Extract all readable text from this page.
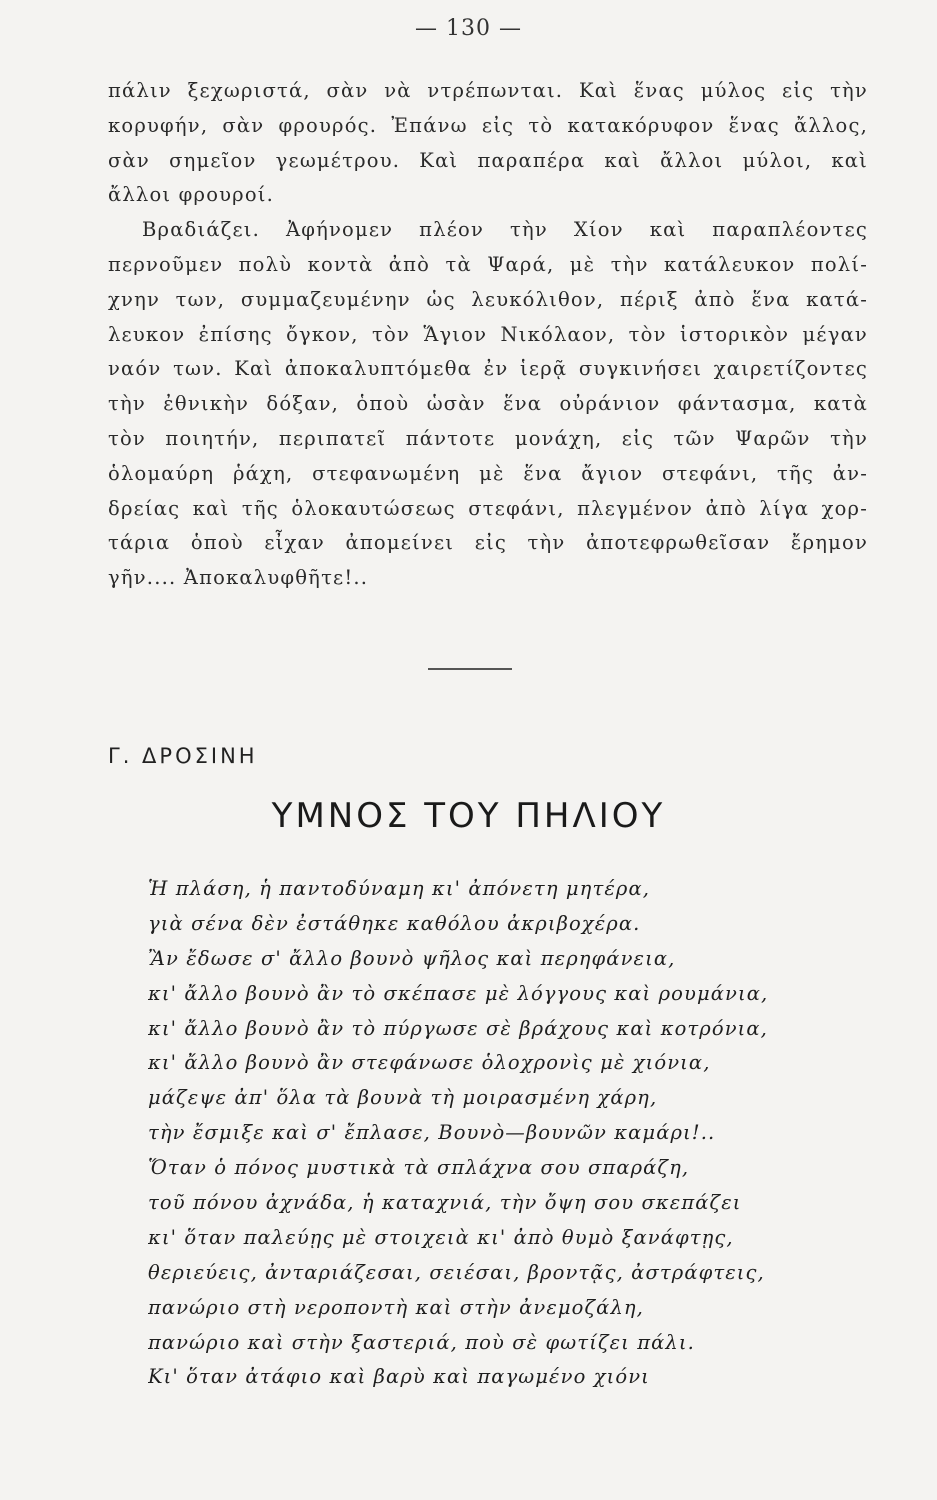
— 130 —
πάλιν ξεχωριστά, σὰν νὰ ντρέπωνται. Καὶ ἕνας μύλος εἰς τὴν
κορυφήν, σὰν φρουρός. Ἐπάνω εἰς τὸ κατακόρυφον ἕνας ἄλλος,
σὰν σημεῖον γεωμέτρου. Καὶ παραπέρα καὶ ἄλλοι μύλοι, καὶ
ἄλλοι φρουροί.
Βραδιάζει. Ἀφήνομεν πλέον τὴν Χίον καὶ παραπλέοντες
περνοῦμεν πολὺ κοντὰ ἀπὸ τὰ Ψαρά, μὲ τὴν κατάλευκον πολί-
χνην των, συμμαζευμένην ὡς λευκόλιθον, πέριξ ἀπὸ ἕνα κατά-
λευκον ἐπίσης ὄγκον, τὸν Ἅγιον Νικόλαον, τὸν ἱστορικὸν μέγαν
ναόν των. Καὶ ἀποκαλυπτόμεθα ἐν ἱερᾷ συγκινήσει χαιρετίζοντες
τὴν ἐθνικὴν δόξαν, ὁποὺ ὡσὰν ἕνα οὐράνιον φάντασμα, κατὰ
τὸν ποιητήν, περιπατεῖ πάντοτε μονάχη, εἰς τῶν Ψαρῶν τὴν
ὁλομαύρη ῥάχη, στεφανωμένη μὲ ἕνα ἄγιον στεφάνι, τῆς ἀν-
δρείας καὶ τῆς ὁλοκαυτώσεως στεφάνι, πλεγμένον ἀπὸ λίγα χορ-
τάρια ὁποὺ εἶχαν ἀπομείνει εἰς τὴν ἀποτεφρωθεῖσαν ἔρημον
γῆν.... Ἀποκαλυφθῆτε!..
Γ. ΔΡΟΣΙΝΗ
ΥΜΝΟΣ ΤΟΥ ΠΗΛΙΟΥ
Ἡ πλάση, ἡ παντοδύναμη κι' ἀπόνετη μητέρα,
γιὰ σένα δὲν ἐστάθηκε καθόλου ἀκριβοχέρα.
Ἂν ἔδωσε σ' ἄλλο βουνὸ ψῆλος καὶ περηφάνεια,
κι' ἄλλο βουνὸ ἂν τὸ σκέπασε μὲ λόγγους καὶ ρουμάνια,
κι' ἄλλο βουνὸ ἂν τὸ πύργωσε σὲ βράχους καὶ κοτρόνια,
κι' ἄλλο βουνὸ ἂν στεφάνωσε ὁλοχρονὶς μὲ χιόνια,
μάζεψε ἀπ' ὅλα τὰ βουνὰ τὴ μοιρασμένη χάρη,
τὴν ἔσμιξε καὶ σ' ἔπλασε, Βουνὸ—βουνῶν καμάρι!..
Ὅταν ὁ πόνος μυστικὰ τὰ σπλάχνα σου σπαράζη,
τοῦ πόνου ἀχνάδα, ἡ καταχνιά, τὴν ὄψη σου σκεπάζει
κι' ὅταν παλεύῃς μὲ στοιχειὰ κι' ἀπὸ θυμὸ ξανάφτῃς,
θεριεύεις, ἀνταριάζεσαι, σειέσαι, βροντᾷς, ἀστράφτεις,
πανώριο στὴ νεροποντὴ καὶ στὴν ἀνεμοζάλη,
πανώριο καὶ στὴν ξαστεριά, ποὺ σὲ φωτίζει πάλι.
Κι' ὅταν ἀτάφιο καὶ βαρὺ καὶ παγωμένο χιόνι
